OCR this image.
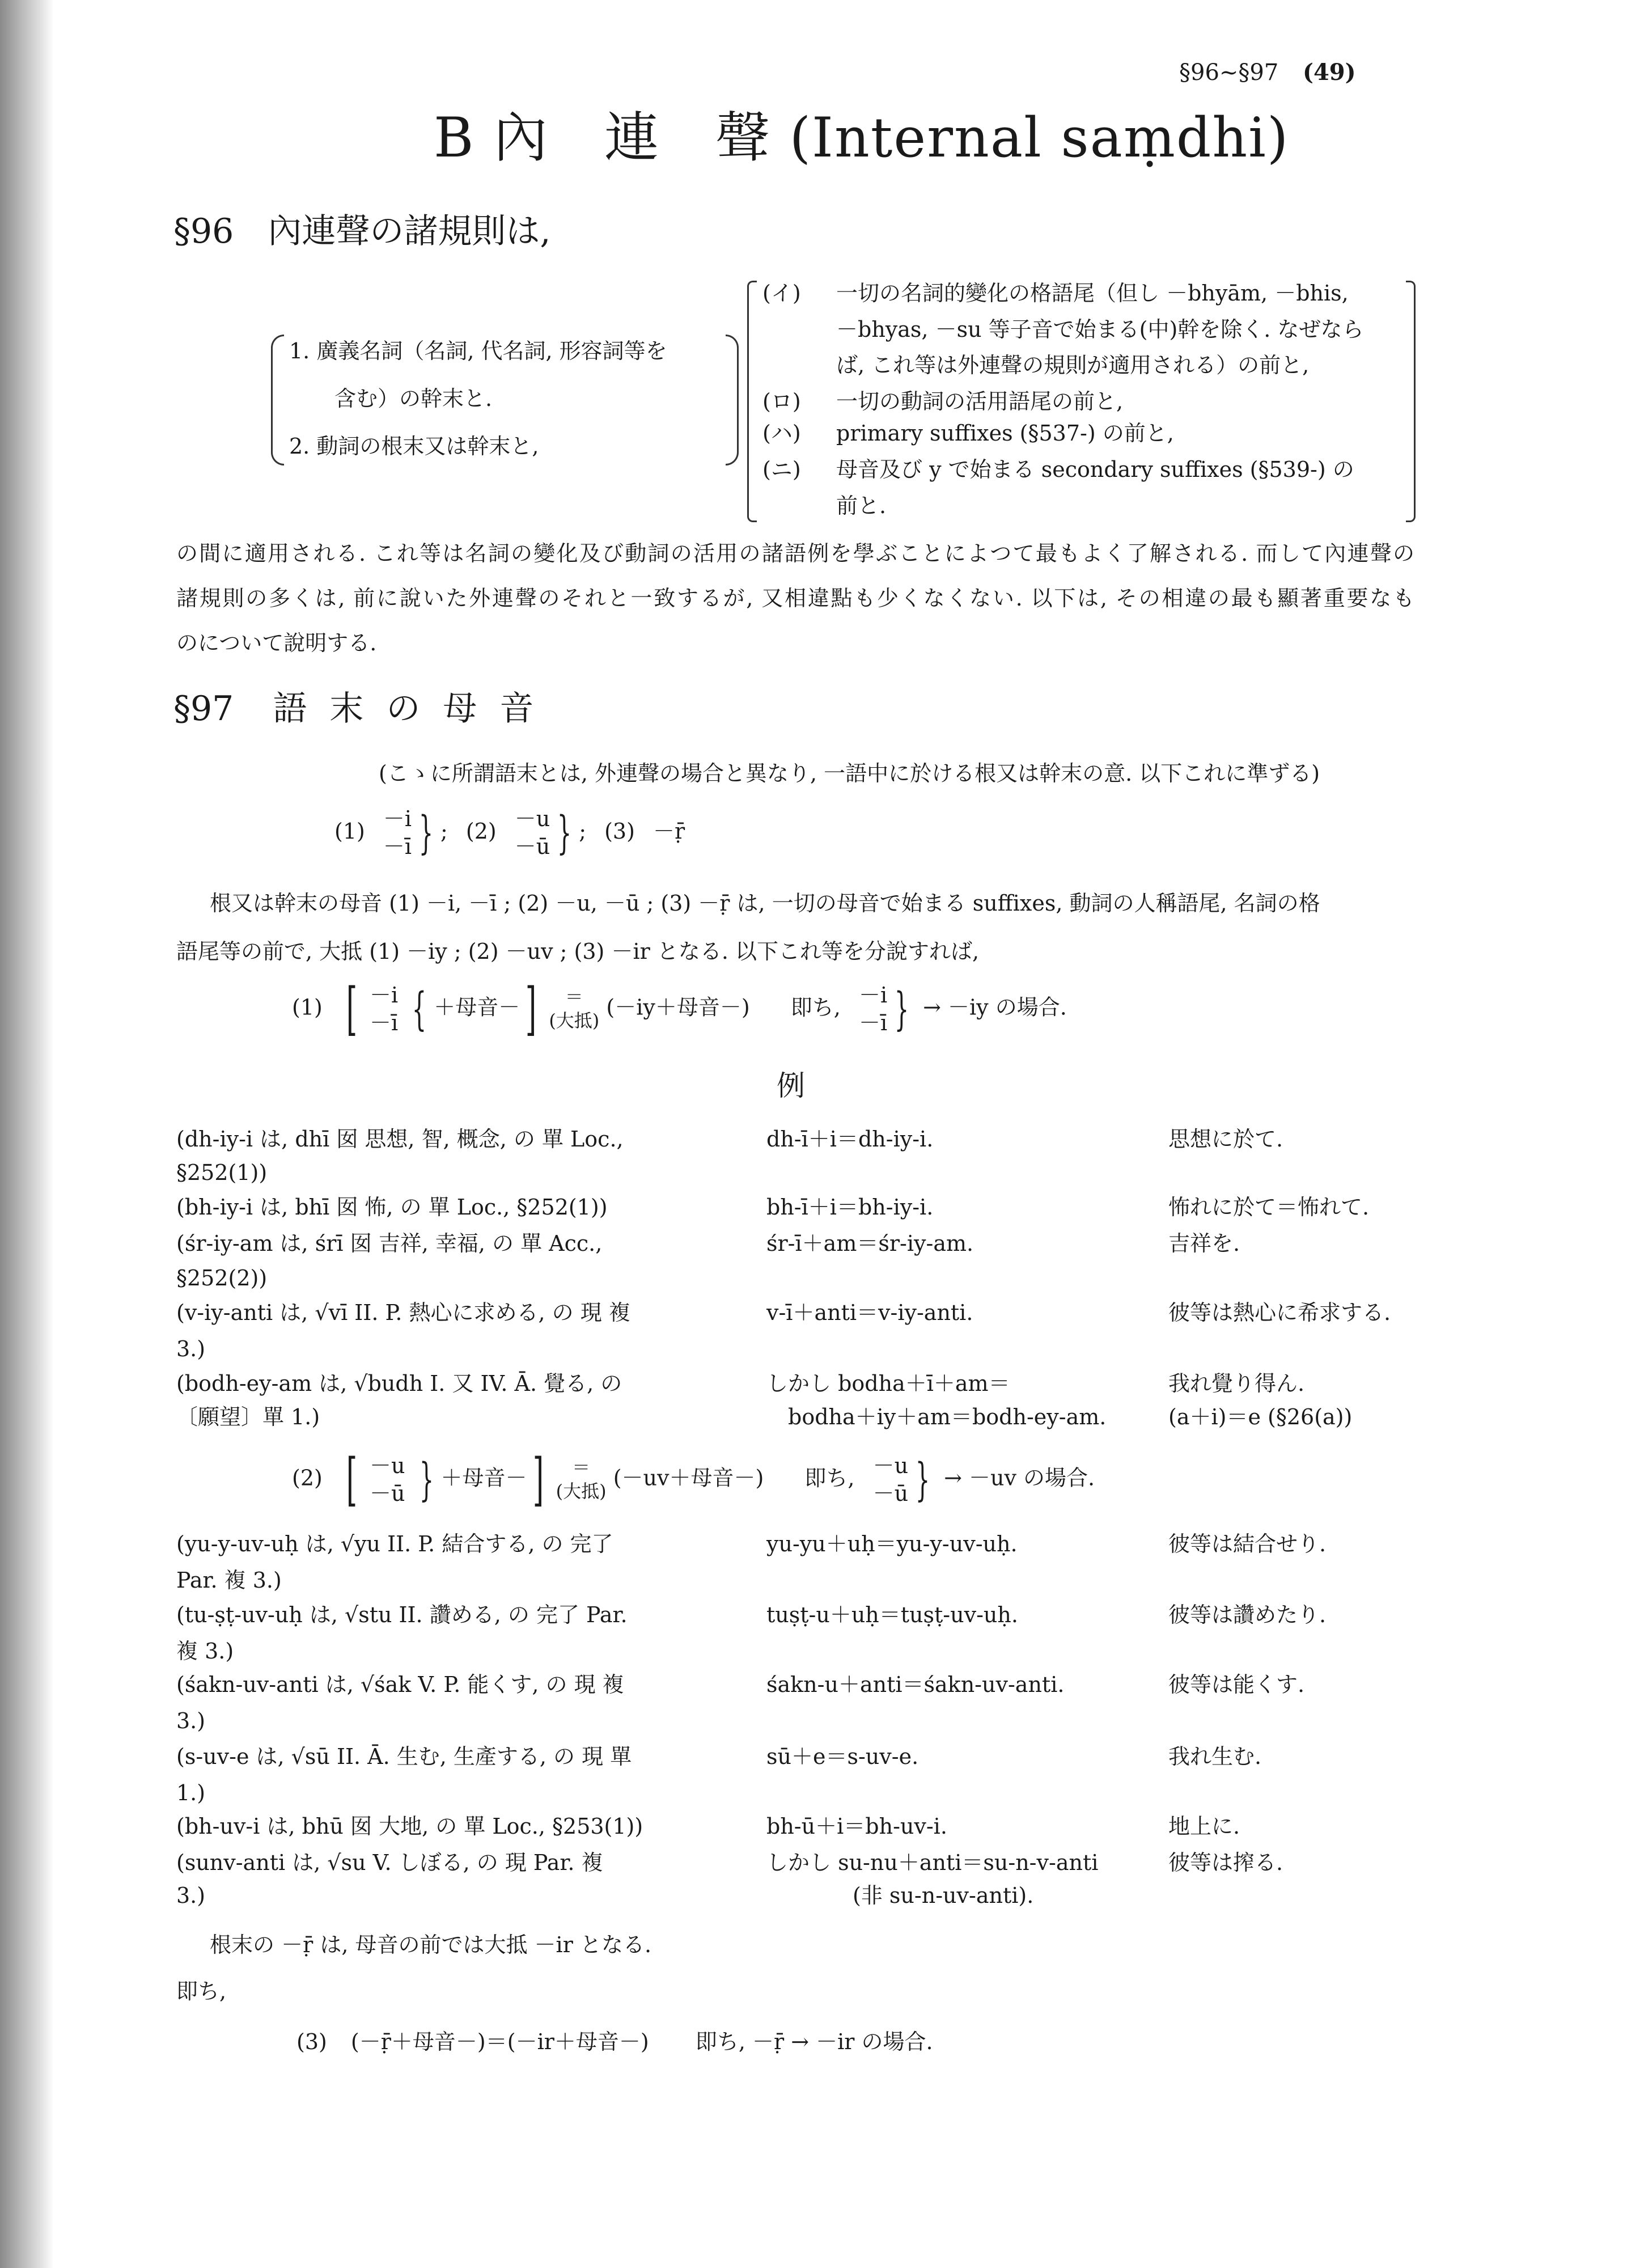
§96~§97 (49)
B 內　連　聲 (Internal saṃdhi)
§96　內連聲の諸規則は,
1. 廣義名詞（名詞, 代名詞, 形容詞等を
含む）の幹末と.
2. 動詞の根末又は幹末と,
(イ) 一切の名詞的變化の格語尾（但し －bhyām, －bhis,
－bhyas, －su 等子音で始まる(中)幹を除く. なぜなら
ば, これ等は外連聲の規則が適用される）の前と,
(ロ) 一切の動詞の活用語尾の前と,
(ハ) primary suffixes (§537-) の前と,
(ニ) 母音及び y で始まる secondary suffixes (§539-) の
前と.
の間に適用される. これ等は名詞の變化及び動詞の活用の諸語例を學ぶことによつて最もよく了解される. 而して內連聲の
諸規則の多くは, 前に說いた外連聲のそれと一致するが, 又相違點も少くなくない. 以下は, その相違の最も顯著重要なも
のについて說明する.
§97 語末の母音
(こゝに所謂語末とは, 外連聲の場合と異なり, 一語中に於ける根又は幹末の意. 以下これに準ずる)
(1) －i
－ī } ; (2) －u
－ū } ; (3) －ṝ
根又は幹末の母音 (1) －i, －ī ; (2) －u, －ū ; (3) －ṝ は, 一切の母音で始まる suffixes, 動詞の人稱語尾, 名詞の格
語尾等の前で, 大抵 (1) －iy ; (2) －uv ; (3) －ir となる. 以下これ等を分說すれば,
(1) [ －i
－ī { ＋母音－]	＝
(大抵)
(－iy＋母音－) 即ち, －i
－ī } → －iy の場合.
例
(dh-iy-i は, dhī 囡 思想, 智, 概念, の 單 Loc.,	dh-ī＋i＝dh-iy-i.	思想に於て.
§252(1))
(bh-iy-i は, bhī 囡 怖, の 單 Loc., §252(1))	bh-ī＋i＝bh-iy-i.	怖れに於て＝怖れて.
(śr-iy-am は, śrī 囡 吉祥, 幸福, の 單 Acc.,	śr-ī＋am＝śr-iy-am.	吉祥を.
§252(2))
(v-iy-anti は, √vī II. P. 熱心に求める, の 現 複	v-ī＋anti＝v-iy-anti.	彼等は熱心に希求する.
3.)
(bodh-ey-am は, √budh I. 又 IV. Ā. 覺る, の	しかし bodha＋ī＋am＝	我れ覺り得ん.
〔願望〕單 1.)	　bodha＋iy＋am＝bodh-ey-am.	(a＋i)＝e (§26(a))
(2) [ －u
－ū } ＋母音－]	＝
(大抵)
(－uv＋母音－) 即ち, －u
－ū } → －uv の場合.
(yu-y-uv-uḥ は, √yu II. P. 結合する, の 完了	yu-yu＋uḥ＝yu-y-uv-uḥ.	彼等は結合せり.
Par. 複 3.)
(tu-ṣṭ-uv-uḥ は, √stu II. 讚める, の 完了 Par.	tuṣṭ-u＋uḥ＝tuṣṭ-uv-uḥ.	彼等は讚めたり.
複 3.)
(śakn-uv-anti は, √śak V. P. 能くす, の 現 複	śakn-u＋anti＝śakn-uv-anti.	彼等は能くす.
3.)
(s-uv-e は, √sū II. Ā. 生む, 生產する, の 現 單	sū＋e＝s-uv-e.	我れ生む.
1.)
(bh-uv-i は, bhū 囡 大地, の 單 Loc., §253(1))	bh-ū＋i＝bh-uv-i.	地上に.
(sunv-anti は, √su V. しぼる, の 現 Par. 複	しかし su-nu＋anti＝su-n-v-anti	彼等は搾る.
3.)	　　　　(非 su-n-uv-anti).
根末の －ṝ は, 母音の前では大抵 －ir となる.
即ち,
(3) (－ṝ＋母音－)＝(－ir＋母音－) 即ち, －ṝ → －ir の場合.
